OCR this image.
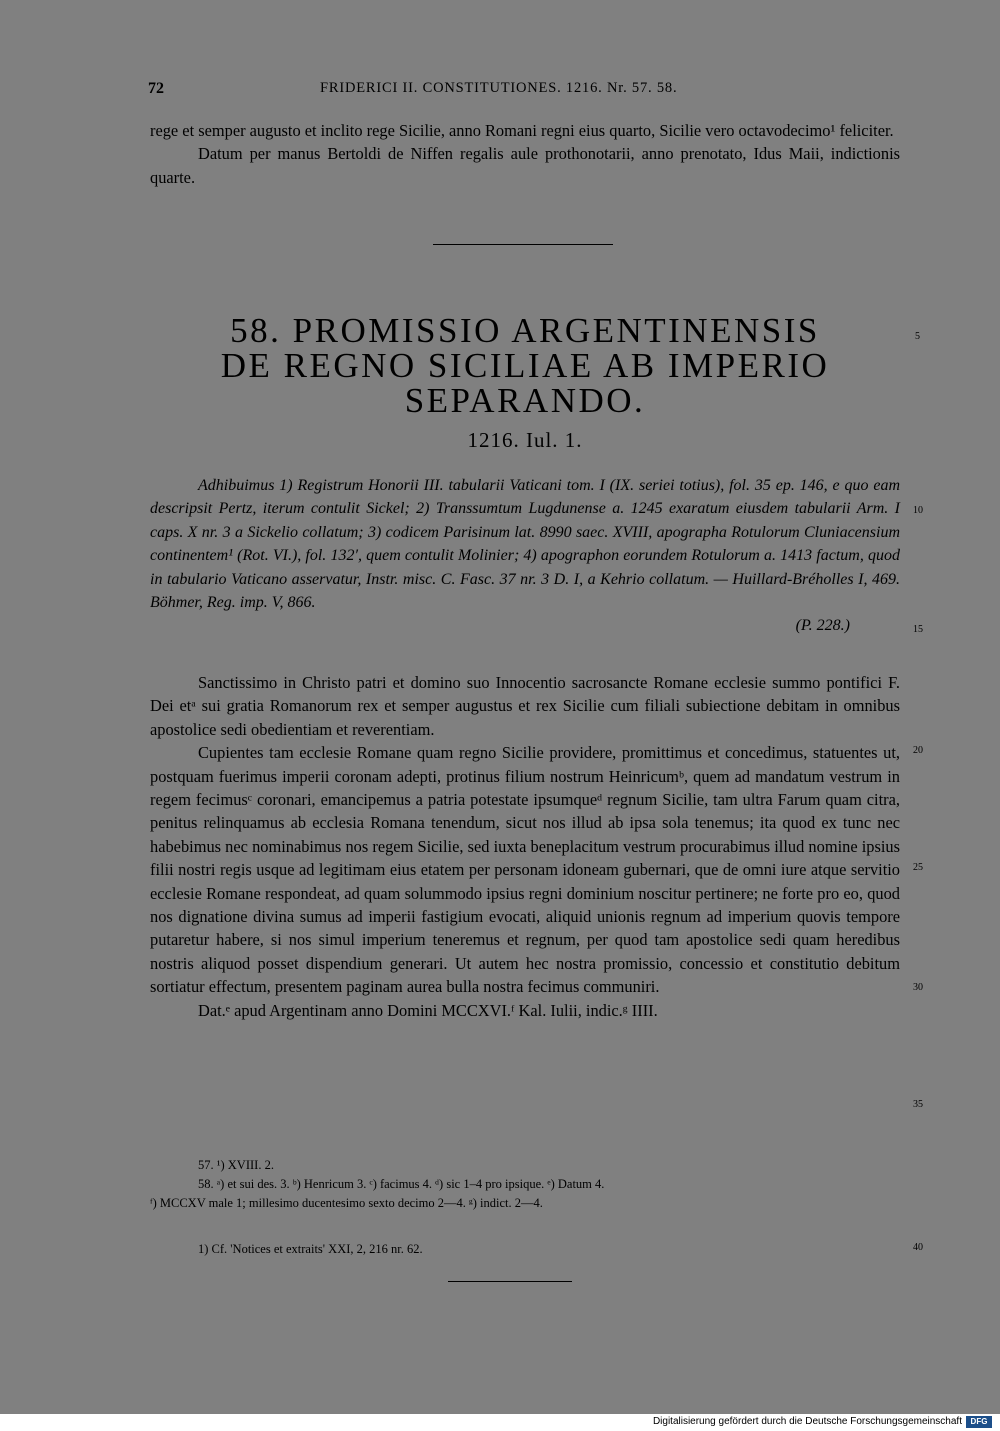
72	FRIDERICI II. CONSTITUTIONES. 1216. Nr. 57. 58.

rege et semper augusto et inclito rege Sicilie, anno Romani regni eius quarto, Sicilie vero octavodecimo¹ feliciter.

Datum per manus Bertoldi de Niffen regalis aule prothonotarii, anno prenotato, Idus Maii, indictionis quarte.

58. PROMISSIO ARGENTINENSIS
DE REGNO SICILIAE AB IMPERIO
SEPARANDO.
1216. Iul. 1.

Adhibuimus 1) Registrum Honorii III. tabularii Vaticani tom. I (IX. seriei totius), fol. 35 ep. 146, e quo eam descripsit Pertz, iterum contulit Sickel; 2) Transsumtum Lugdunense a. 1245 exaratum eiusdem tabularii Arm. I caps. X nr. 3 a Sickelio collatum; 3) codicem Parisinum lat. 8990 saec. XVIII, apographa Rotulorum Cluniacensium continentem¹ (Rot. VI.), fol. 132′, quem contulit Molinier; 4) apographon eorundem Rotulorum a. 1413 factum, quod in tabulario Vaticano asservatur, Instr. misc. C. Fasc. 37 nr. 3 D. I, a Kehrio collatum. — Huillard-Bréholles I, 469. Böhmer, Reg. imp. V, 866.

(P. 228.)

Sanctissimo in Christo patri et domino suo Innocentio sacrosancte Romane ecclesie summo pontifici F. Dei etᵃ sui gratia Romanorum rex et semper augustus et rex Sicilie cum filiali subiectione debitam in omnibus apostolice sedi obedientiam et reverentiam.

Cupientes tam ecclesie Romane quam regno Sicilie providere, promittimus et concedimus, statuentes ut, postquam fuerimus imperii coronam adepti, protinus filium nostrum Heinricumᵇ, quem ad mandatum vestrum in regem fecimusᶜ coronari, emancipemus a patria potestate ipsumqueᵈ regnum Sicilie, tam ultra Farum quam citra, penitus relinquamus ab ecclesia Romana tenendum, sicut nos illud ab ipsa sola tenemus; ita quod ex tunc nec habebimus nec nominabimus nos regem Sicilie, sed iuxta beneplacitum vestrum procurabimus illud nomine ipsius filii nostri regis usque ad legitimam eius etatem per personam idoneam gubernari, que de omni iure atque servitio ecclesie Romane respondeat, ad quam solummodo ipsius regni dominium noscitur pertinere; ne forte pro eo, quod nos dignatione divina sumus ad imperii fastigium evocati, aliquid unionis regnum ad imperium quovis tempore putaretur habere, si nos simul imperium teneremus et regnum, per quod tam apostolice sedi quam heredibus nostris aliquod posset dispendium generari. Ut autem hec nostra promissio, concessio et constitutio debitum sortiatur effectum, presentem paginam aurea bulla nostra fecimus communiri.

Dat.ᵉ apud Argentinam anno Domini MCCXVI.ᶠ Kal. Iulii, indic.ᵍ IIII.

57. ¹) XVIII. 2.

58. ᵃ) et sui des. 3. ᵇ) Henricum 3. ᶜ) facimus 4. ᵈ) sic 1–4 pro ipsique. ᵉ) Datum 4.

ᶠ) MCCXV male 1; millesimo ducentesimo sexto decimo 2—4. ᵍ) indict. 2—4.

1) Cf. 'Notices et extraits' XXI, 2, 216 nr. 62.

5
10
15
20
25
30
35
40
Digitalisierung gefördert durch die Deutsche Forschungsgemeinschaft	DFG
